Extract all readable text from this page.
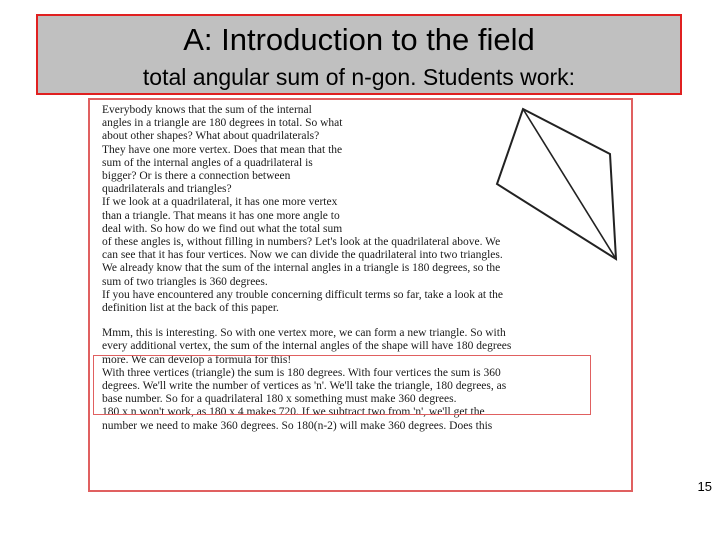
A: Introduction to the field
total angular sum of n-gon. Students work:
Everybody knows that the sum of the internal
angles in a triangle are 180 degrees in total. So what
about other shapes? What about quadrilaterals?
They have one more vertex. Does that mean that the
sum of the internal angles of a quadrilateral is
bigger? Or is there a connection between
quadrilaterals and triangles?
If we look at a quadrilateral, it has one more vertex
than a triangle. That means it has one more angle to
deal with. So how do we find out what the total sum
of these angles is, without filling in numbers? Let's look at the quadrilateral above. We
can see that it has four vertices. Now we can divide the quadrilateral into two triangles.
We already know that the sum of the internal angles in a triangle is 180 degrees, so the
sum of two triangles is 360 degrees.
If you have encountered any trouble concerning difficult terms so far, take a look at the
definition list at the back of this paper.
Mmm, this is interesting. So with one vertex more, we can form a new triangle. So with
every additional vertex, the sum of the internal angles of the shape will have 180 degrees
more. We can develop a formula for this!
With three vertices (triangle) the sum is 180 degrees. With four vertices the sum is 360
degrees. We'll write the number of vertices as 'n'. We'll take the triangle, 180 degrees, as
base number. So for a quadrilateral 180 x something must make 360 degrees.
180 x n won't work, as 180 x 4 makes 720. If we subtract two from 'n', we'll get the
number we need to make 360 degrees. So 180(n-2) will make 360 degrees. Does this
15
